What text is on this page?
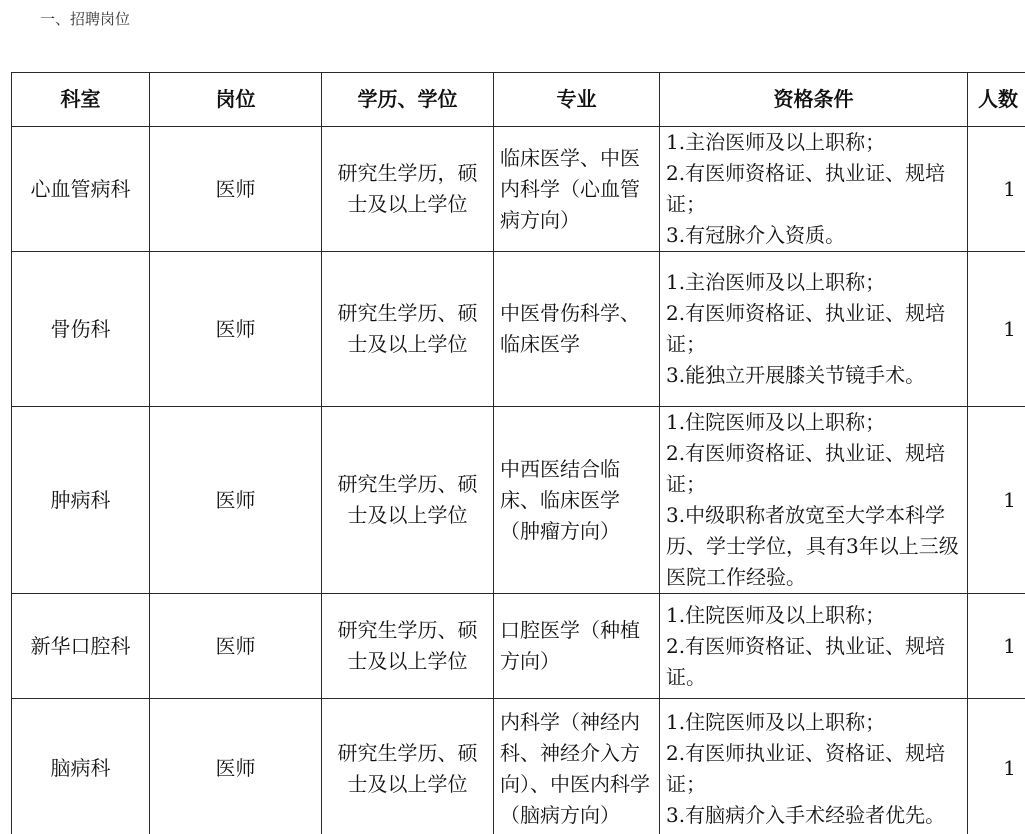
一、招聘岗位
科室	岗位	学历、学位	专业	资格条件	人数
心血管病科	医师	研究生学历，硕士及以上学位	临床医学、中医内科学（心血管病方向）	1.主治医师及以上职称；
2.有医师资格证、执业证、规培证；
3.有冠脉介入资质。	1
骨伤科	医师	研究生学历、硕士及以上学位	中医骨伤科学、临床医学	1.主治医师及以上职称；
2.有医师资格证、执业证、规培证；
3.能独立开展膝关节镜手术。	1
肿病科	医师	研究生学历、硕士及以上学位	中西医结合临床、临床医学（肿瘤方向）	1.住院医师及以上职称；
2.有医师资格证、执业证、规培证；
3.中级职称者放宽至大学本科学历、学士学位，具有3年以上三级医院工作经验。	1
新华口腔科	医师	研究生学历、硕士及以上学位	口腔医学（种植方向）	1.住院医师及以上职称；
2.有医师资格证、执业证、规培证。	1
脑病科	医师	研究生学历、硕士及以上学位	内科学（神经内科、神经介入方向）、中医内科学（脑病方向）	1.住院医师及以上职称；
2.有医师执业证、资格证、规培证；
3.有脑病介入手术经验者优先。	1
